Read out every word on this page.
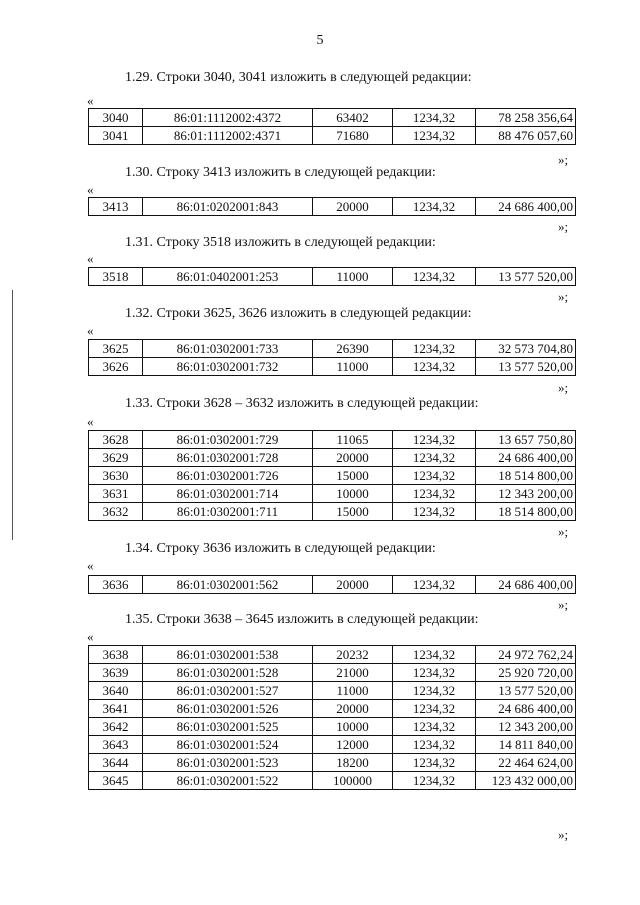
5
1.29. Строки 3040, 3041 изложить в следующей редакции:
«
3040	86:01:1112002:4372	63402	1234,32	78 258 356,64
3041	86:01:1112002:4371	71680	1234,32	88 476 057,60
»;
1.30. Строку 3413 изложить в следующей редакции:
«
3413	86:01:0202001:843	20000	1234,32	24 686 400,00
»;
1.31. Строку 3518 изложить в следующей редакции:
«
3518	86:01:0402001:253	11000	1234,32	13 577 520,00
»;
1.32. Строки 3625, 3626 изложить в следующей редакции:
«
3625	86:01:0302001:733	26390	1234,32	32 573 704,80
3626	86:01:0302001:732	11000	1234,32	13 577 520,00
»;
1.33. Строки 3628 – 3632 изложить в следующей редакции:
«
3628	86:01:0302001:729	11065	1234,32	13 657 750,80
3629	86:01:0302001:728	20000	1234,32	24 686 400,00
3630	86:01:0302001:726	15000	1234,32	18 514 800,00
3631	86:01:0302001:714	10000	1234,32	12 343 200,00
3632	86:01:0302001:711	15000	1234,32	18 514 800,00
»;
1.34. Строку 3636 изложить в следующей редакции:
«
3636	86:01:0302001:562	20000	1234,32	24 686 400,00
»;
1.35. Строки 3638 – 3645 изложить в следующей редакции:
«
3638	86:01:0302001:538	20232	1234,32	24 972 762,24
3639	86:01:0302001:528	21000	1234,32	25 920 720,00
3640	86:01:0302001:527	11000	1234,32	13 577 520,00
3641	86:01:0302001:526	20000	1234,32	24 686 400,00
3642	86:01:0302001:525	10000	1234,32	12 343 200,00
3643	86:01:0302001:524	12000	1234,32	14 811 840,00
3644	86:01:0302001:523	18200	1234,32	22 464 624,00
3645	86:01:0302001:522	100000	1234,32	123 432 000,00
»;
